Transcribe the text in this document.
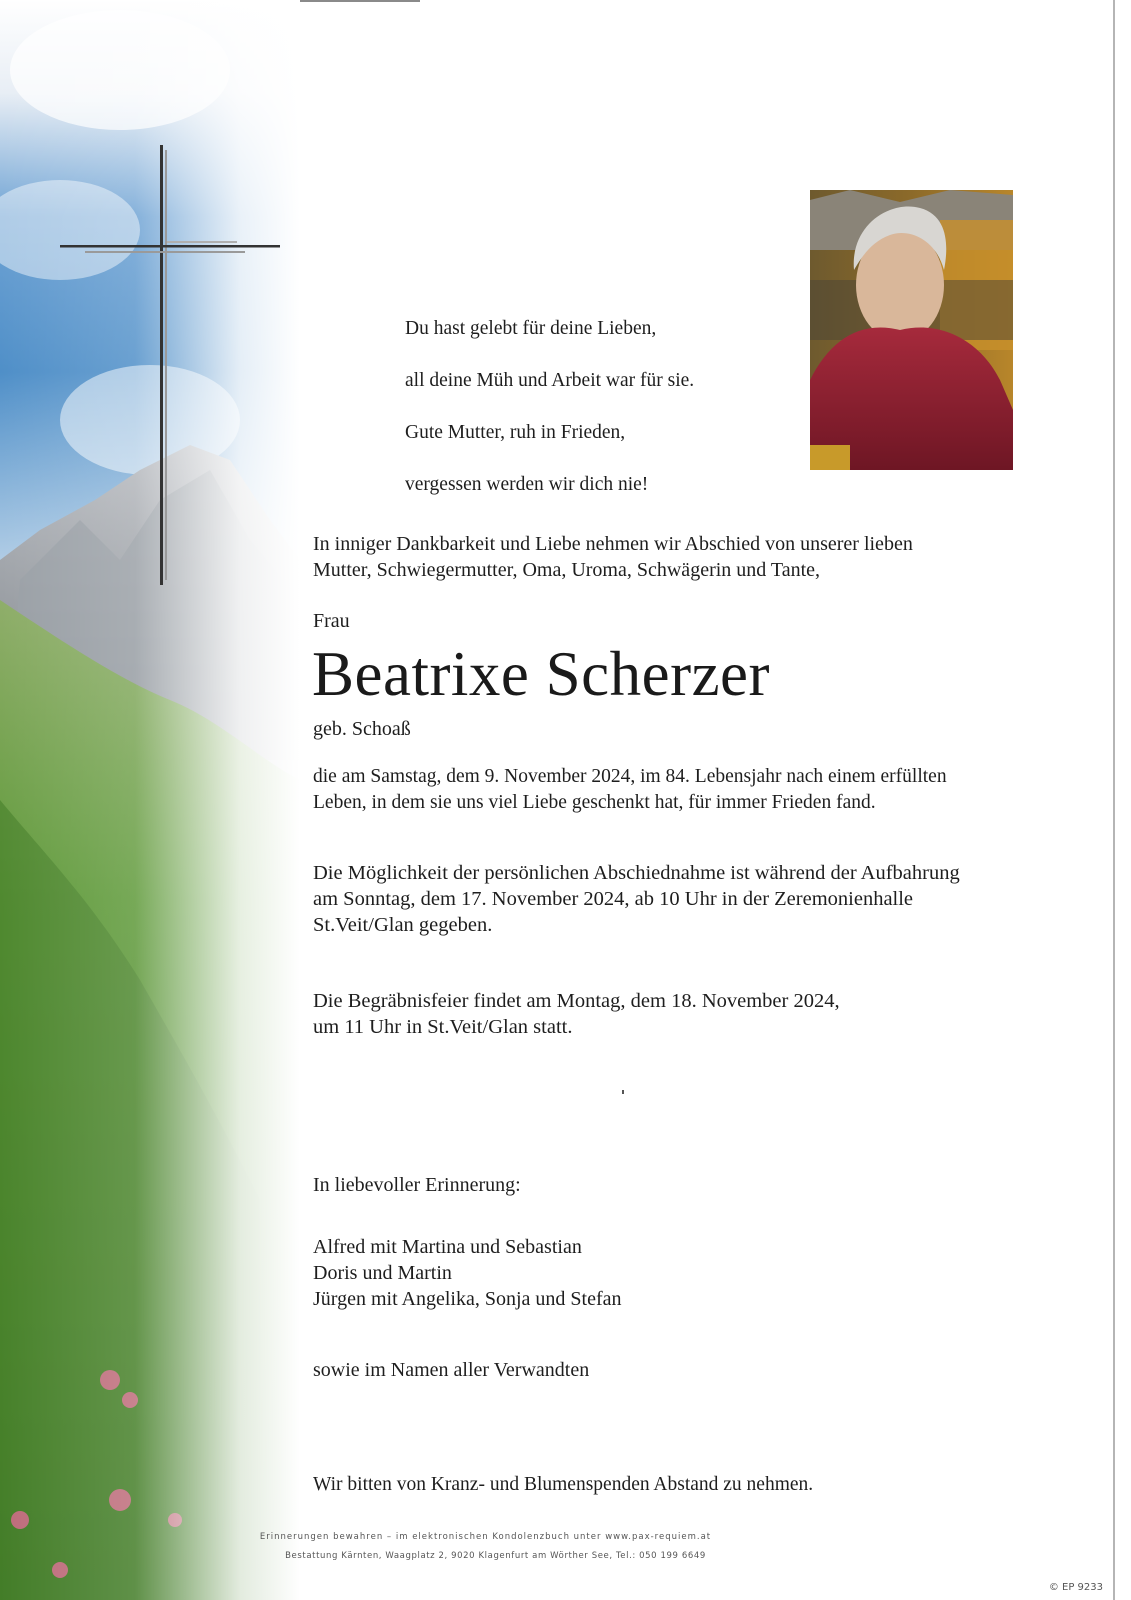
Du hast gelebt für deine Lieben,

all deine Müh und Arbeit war für sie.

Gute Mutter, ruh in Frieden,

vergessen werden wir dich nie!

In inniger Dankbarkeit und Liebe nehmen wir Abschied von unserer lieben
Mutter, Schwiegermutter, Oma, Uroma, Schwägerin und Tante,
Frau
Beatrixe Scherzer
geb. Schoaß
die am Samstag, dem 9. November 2024, im 84. Lebensjahr nach einem erfüllten
Leben, in dem sie uns viel Liebe geschenkt hat, für immer Frieden fand.
Die Möglichkeit der persönlichen Abschiednahme ist während der Aufbahrung
am Sonntag, dem 17. November 2024, ab 10 Uhr in der Zeremonienhalle
St.Veit/Glan gegeben.
Die Begräbnisfeier findet am Montag, dem 18. November 2024,
um 11 Uhr in St.Veit/Glan statt.
In liebevoller Erinnerung:
Alfred mit Martina und Sebastian
Doris und Martin
Jürgen mit Angelika, Sonja und Stefan
sowie im Namen aller Verwandten
Wir bitten von Kranz- und Blumenspenden Abstand zu nehmen.
Erinnerungen bewahren – im elektronischen Kondolenzbuch unter www.pax-requiem.at
Bestattung Kärnten, Waagplatz 2, 9020 Klagenfurt am Wörther See, Tel.: 050 199 6649
© EP 9233
